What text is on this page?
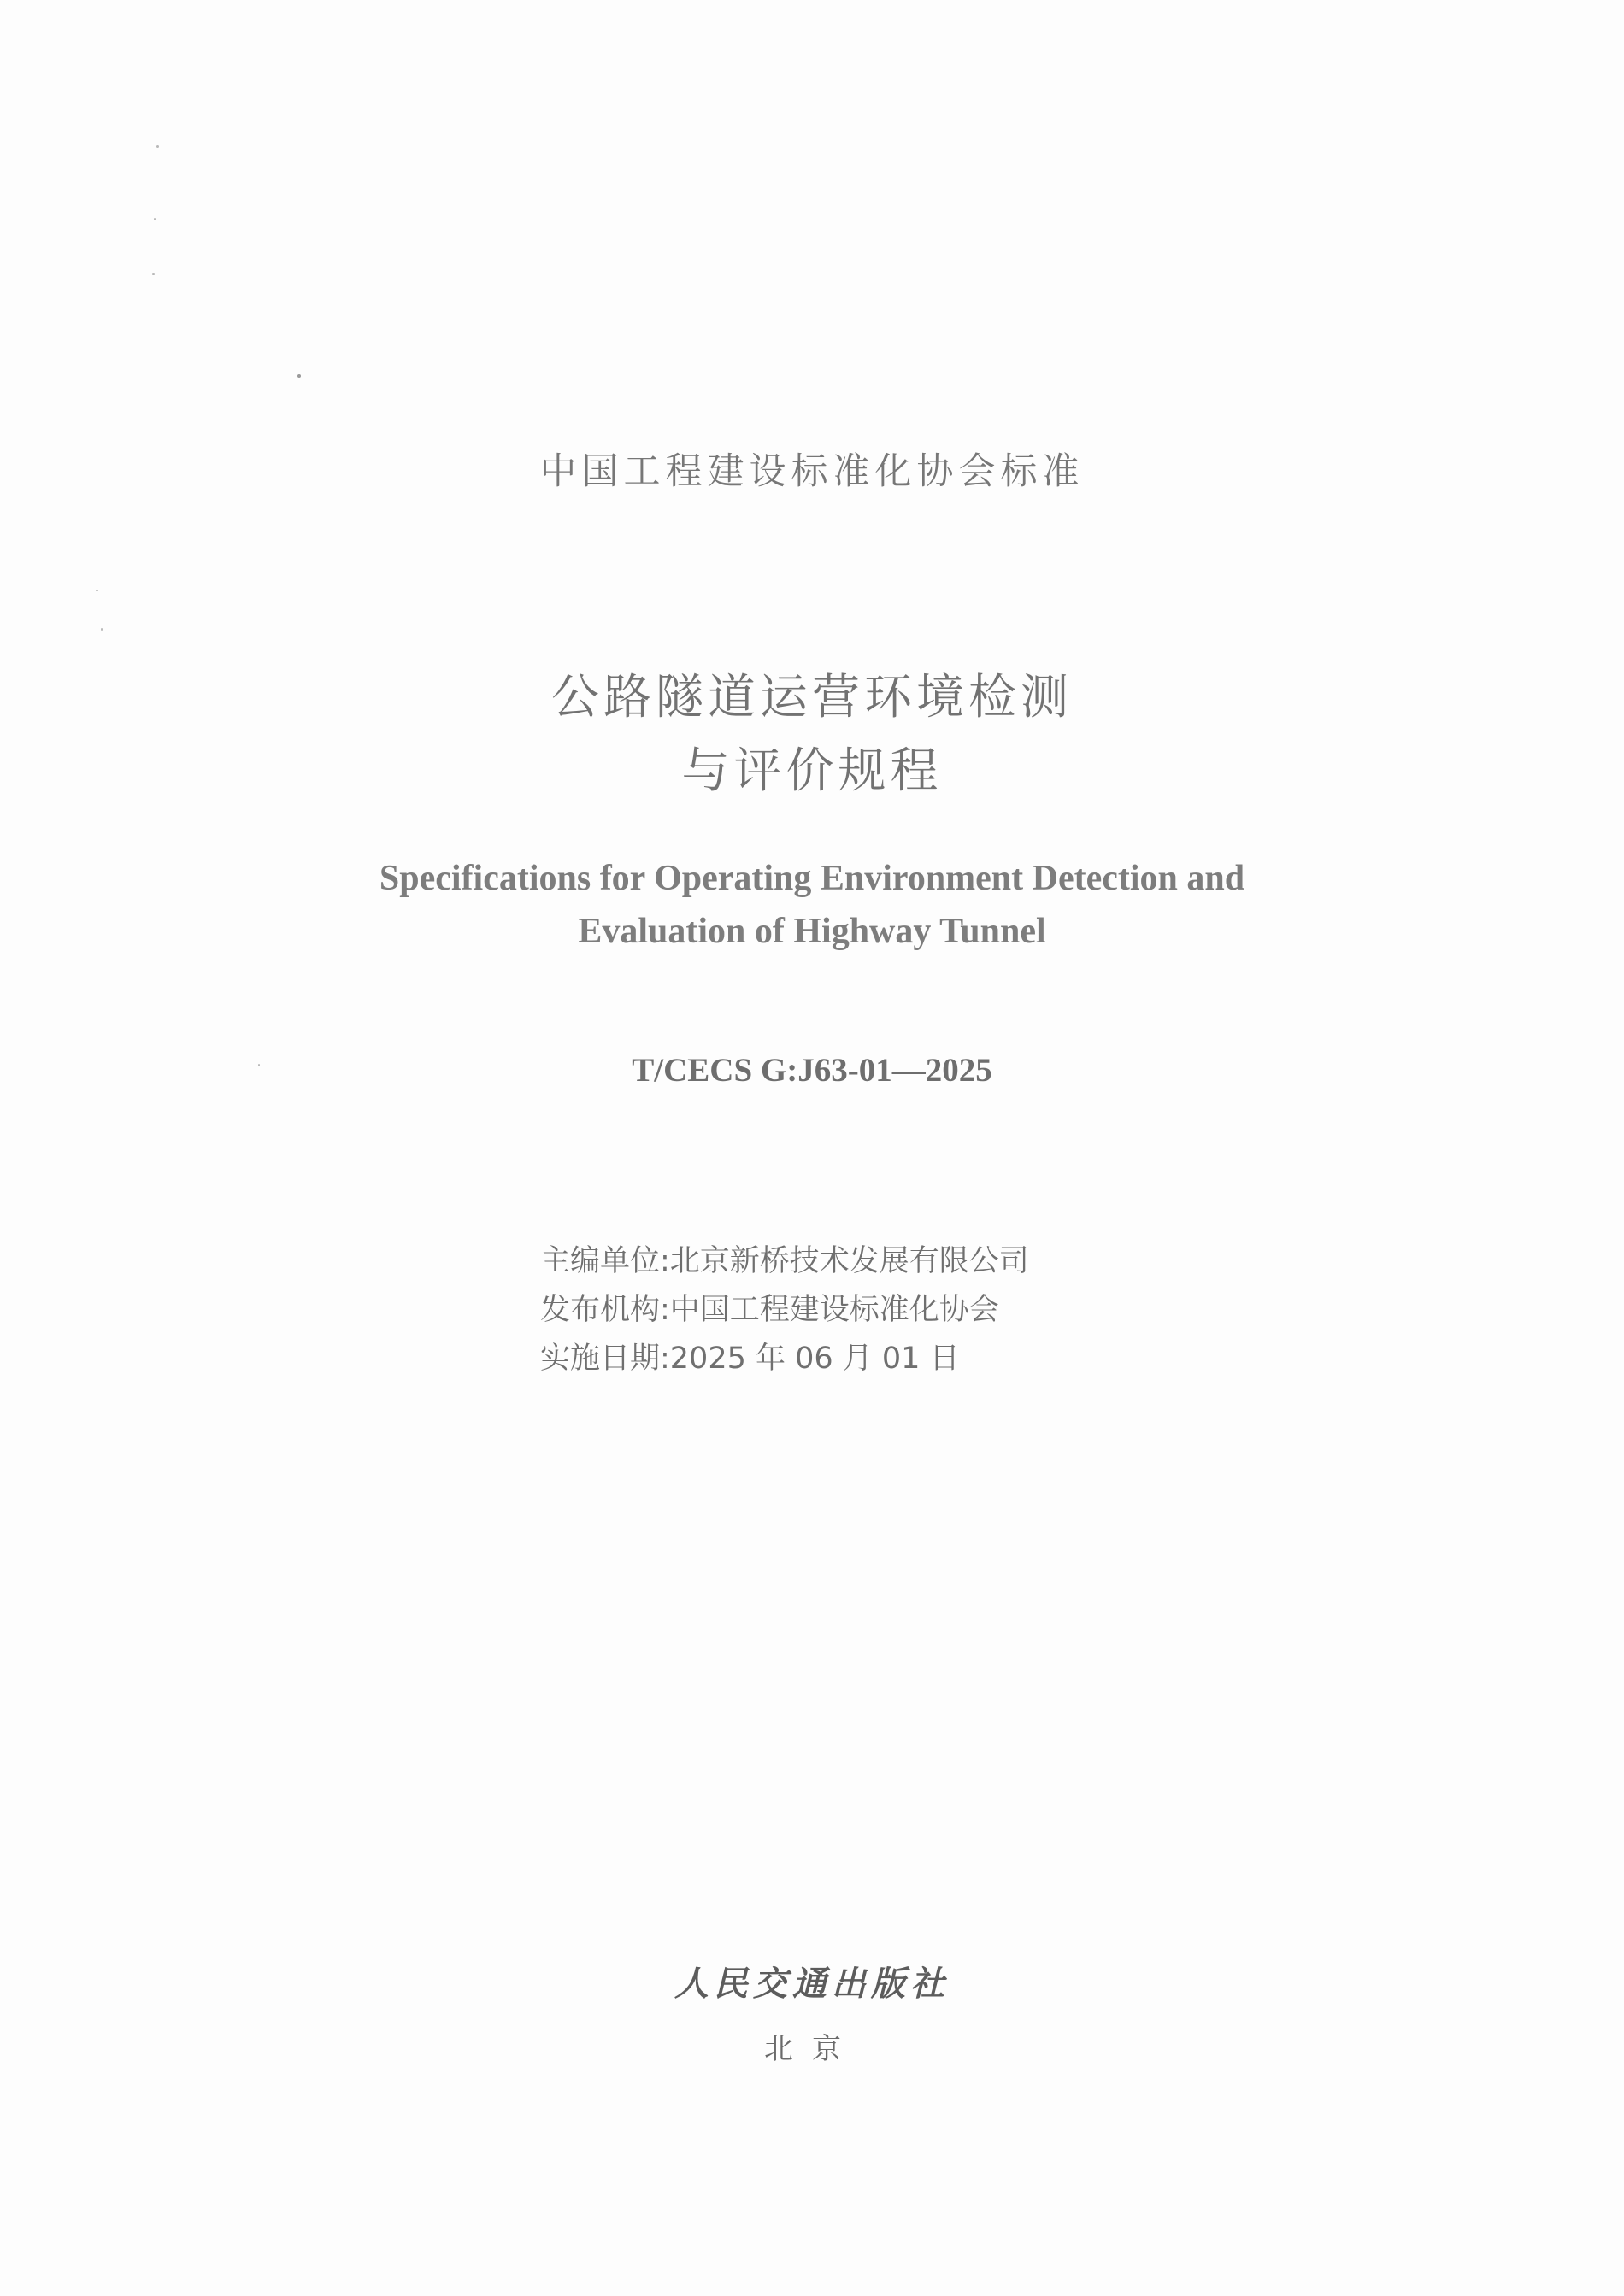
中国工程建设标准化协会标准
公路隧道运营环境检测
与评价规程
Specifications for Operating Environment Detection and
Evaluation of Highway Tunnel
T/CECS G:J63-01—2025
主编单位:北京新桥技术发展有限公司
发布机构:中国工程建设标准化协会
实施日期:2025 年 06 月 01 日
人民交通出版社
北京
